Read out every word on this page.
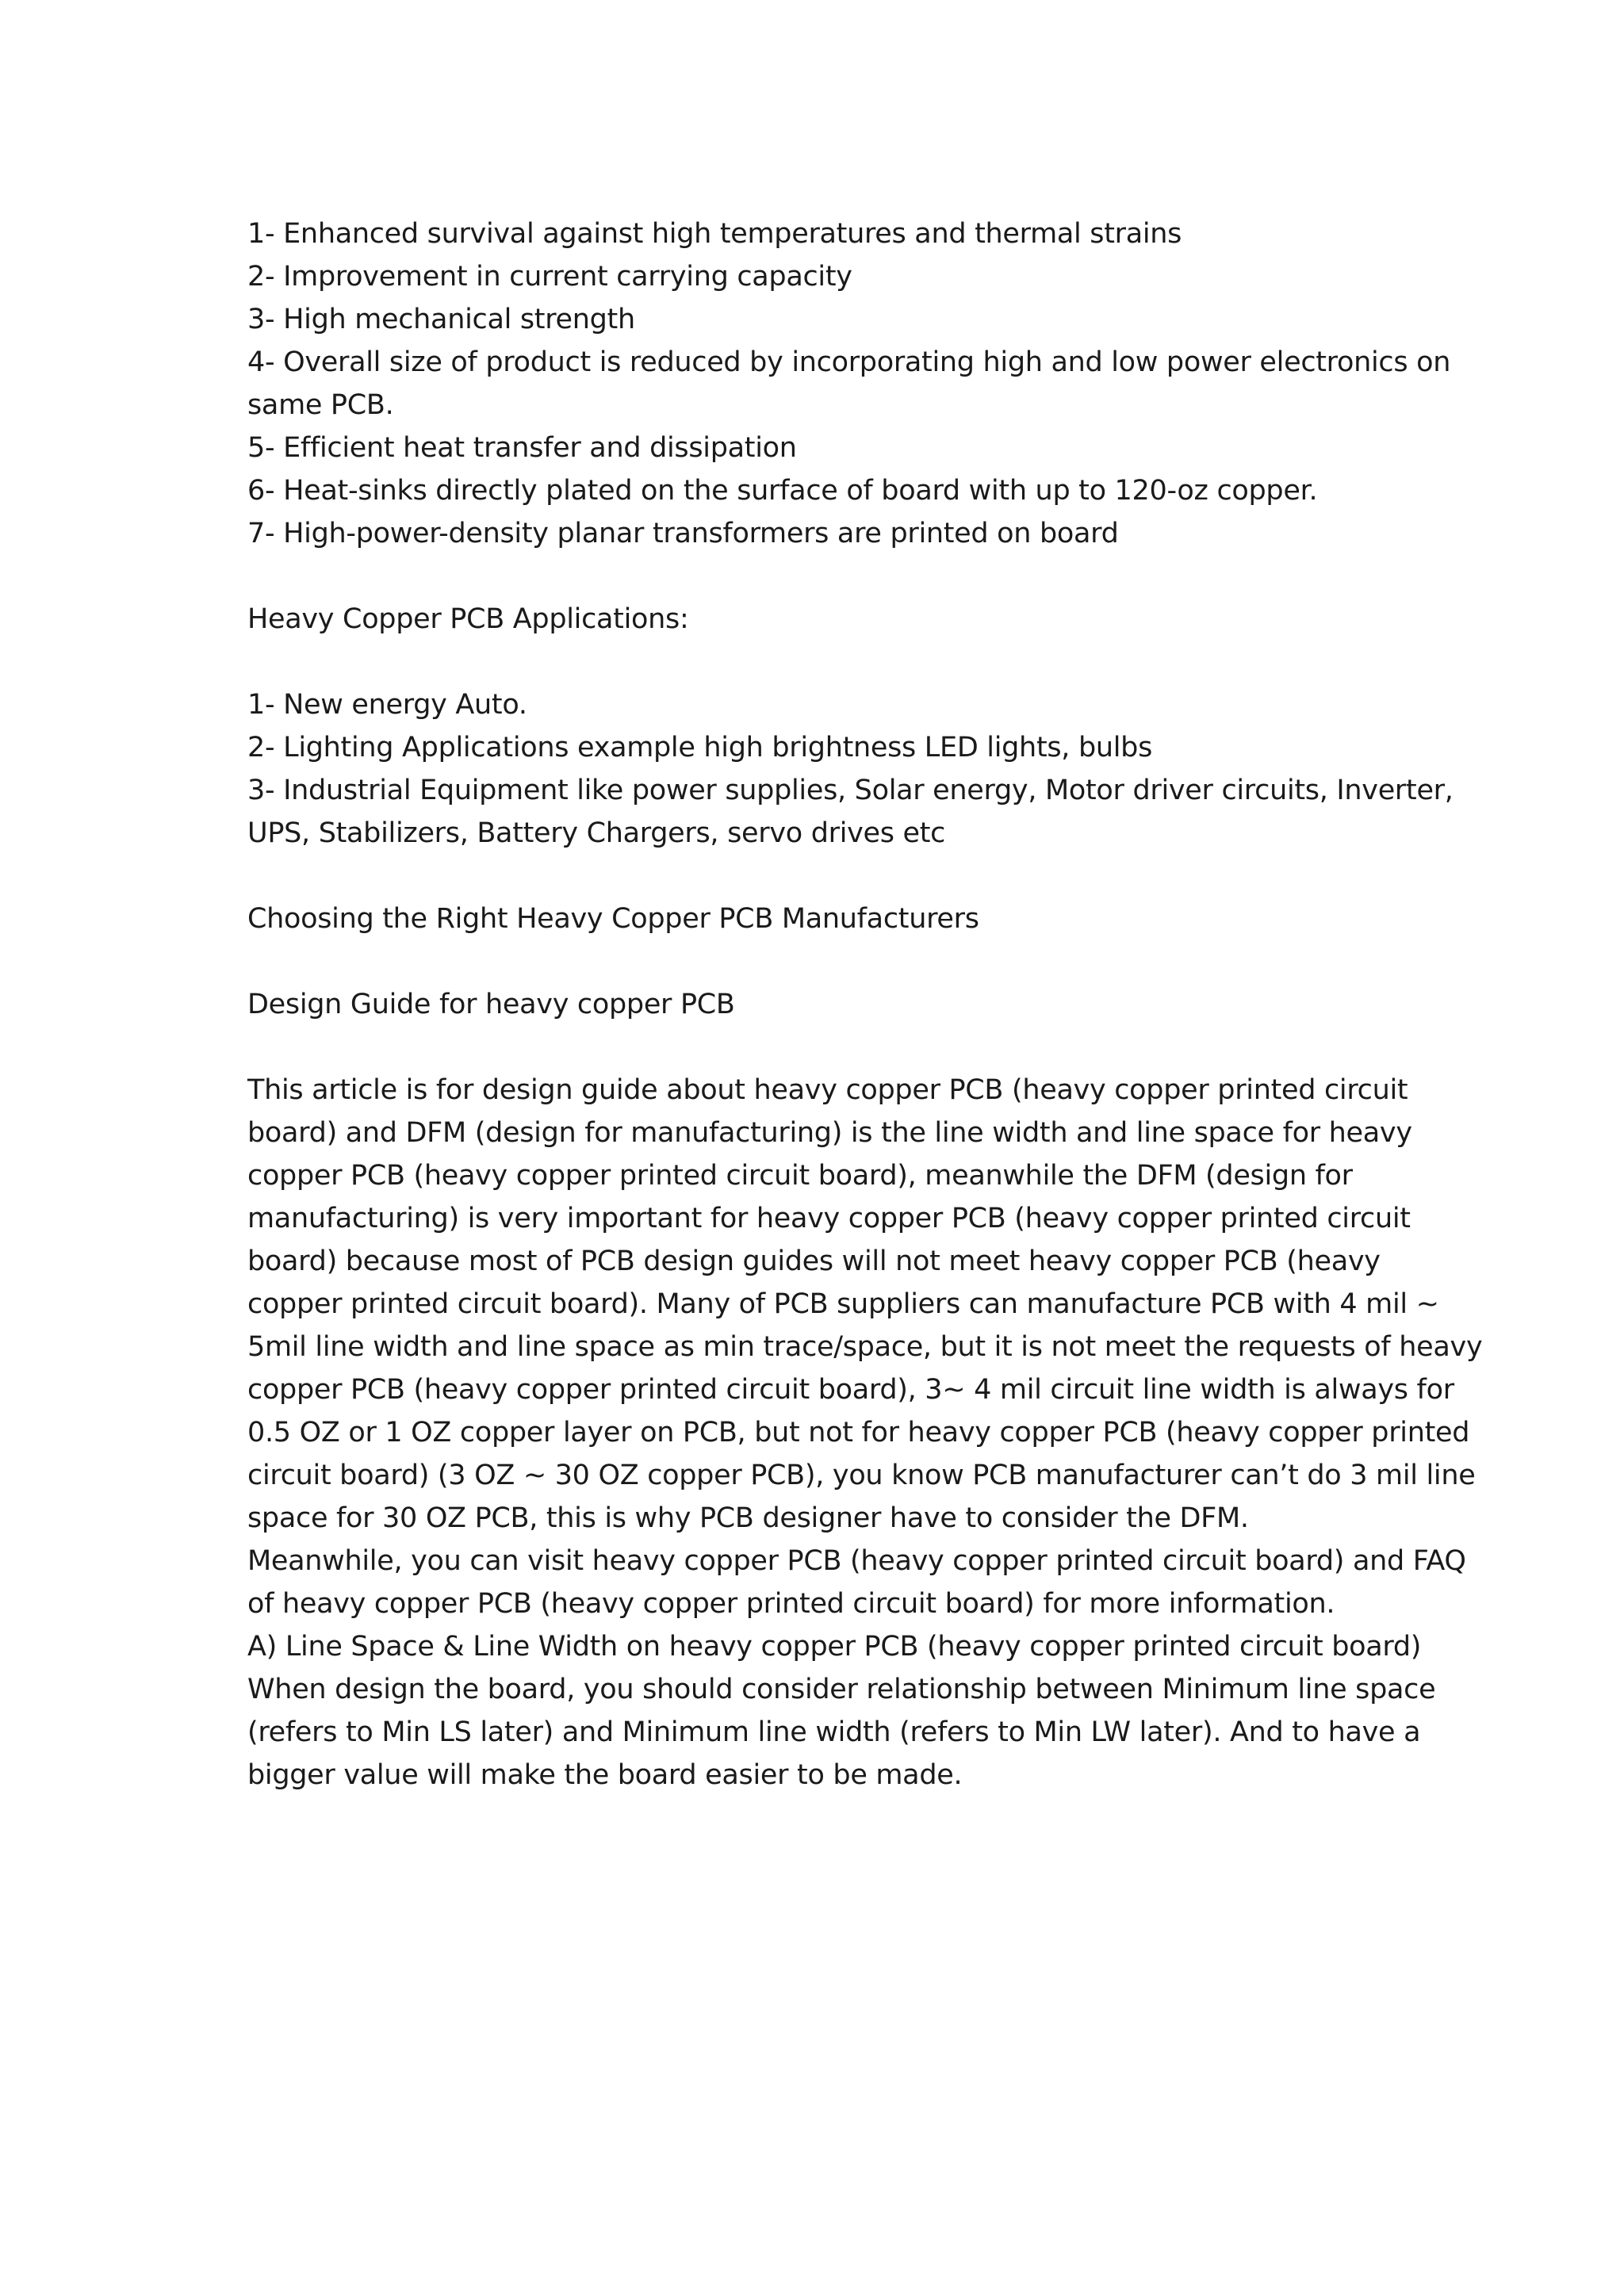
1- Enhanced survival against high temperatures and thermal strains
2- Improvement in current carrying capacity
3- High mechanical strength
4- Overall size of product is reduced by incorporating high and low power electronics on
same PCB.
5- Efficient heat transfer and dissipation
6- Heat-sinks directly plated on the surface of board with up to 120-oz copper.
7- High-power-density planar transformers are printed on board
Heavy Copper PCB Applications:
1- New energy Auto.
2- Lighting Applications example high brightness LED lights, bulbs
3- Industrial Equipment like power supplies, Solar energy, Motor driver circuits, Inverter,
UPS, Stabilizers, Battery Chargers, servo drives etc
Choosing the Right Heavy Copper PCB Manufacturers
Design Guide for heavy copper PCB
This article is for design guide about heavy copper PCB (heavy copper printed circuit
board) and DFM (design for manufacturing) is the line width and line space for heavy
copper PCB (heavy copper printed circuit board), meanwhile the DFM (design for
manufacturing) is very important for heavy copper PCB (heavy copper printed circuit
board) because most of PCB design guides will not meet heavy copper PCB (heavy
copper printed circuit board). Many of PCB suppliers can manufacture PCB with 4 mil ~
5mil line width and line space as min trace/space, but it is not meet the requests of heavy
copper PCB (heavy copper printed circuit board), 3~ 4 mil circuit line width is always for
0.5 OZ or 1 OZ copper layer on PCB, but not for heavy copper PCB (heavy copper printed
circuit board) (3 OZ ~ 30 OZ copper PCB), you know PCB manufacturer can’t do 3 mil line
space for 30 OZ PCB, this is why PCB designer have to consider the DFM.
Meanwhile, you can visit heavy copper PCB (heavy copper printed circuit board) and FAQ
of heavy copper PCB (heavy copper printed circuit board) for more information.
A) Line Space & Line Width on heavy copper PCB (heavy copper printed circuit board)
When design the board, you should consider relationship between Minimum line space
(refers to Min LS later) and Minimum line width (refers to Min LW later). And to have a
bigger value will make the board easier to be made.
